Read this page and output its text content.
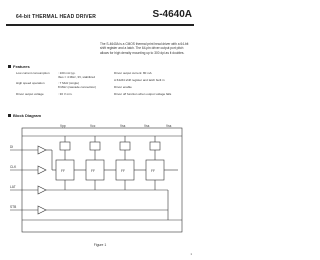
64-bit THERMAL HEAD DRIVER	S-4640A
The S-4640A is a CMOS thermal print head driver with a 64-bit shift register and a latch. The 64-pin driver output port pitch allows for high density mounting up to 300 dpi as it doubles.
Features
Low current consumption	: 100 mA typ.
Ibus = 4 MHz, 3V, stabilized
High speed operation	: 7 MHz (single)
8 MHz (cascade connection)
Driver output voltage	: 30 V min.
Driver output current: 80 mA
A 64x64 shift register and latch built in
Driver enable
Driver off function when output voltage falls
Block Diagram
Vpp	Vcc	Vss	Vss	Vss
DI
CLK
LAT
STB
FF	FF	FF	FF
Figure 1
1
